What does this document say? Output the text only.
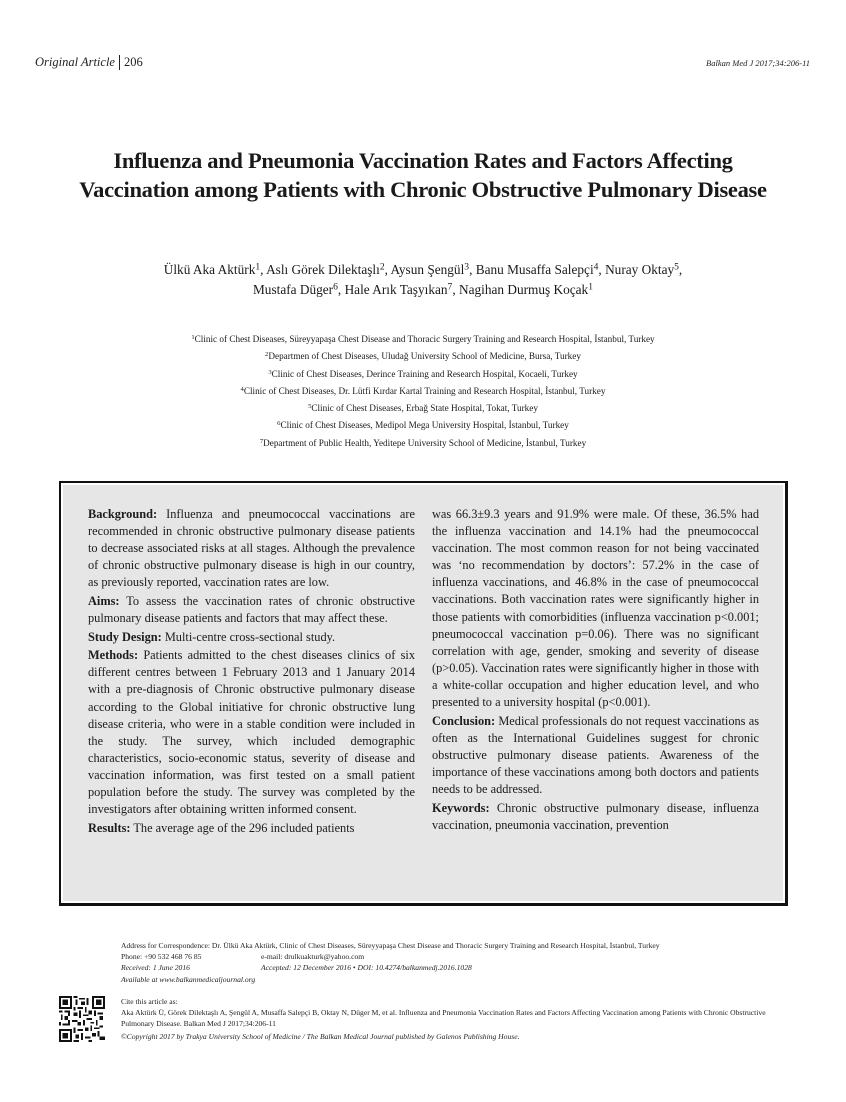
Original Article 206	Balkan Med J 2017;34:206-11
Influenza and Pneumonia Vaccination Rates and Factors Affecting Vaccination among Patients with Chronic Obstructive Pulmonary Disease
Ülkü Aka Aktürk$^1$, Aslı Görek Dilektaşlı$^2$, Aysun Şengül$^3$, Banu Musaffa Salepçi$^4$, Nuray Oktay$^5$,
Mustafa Düger$^6$, Hale Arık Taşyıkan$^7$, Nagihan Durmuş Koçak$^1$
$^1$Clinic of Chest Diseases, Süreyyapaşa Chest Disease and Thoracic Surgery Training and Research Hospital, İstanbul, Turkey
$^2$Departmen of Chest Diseases, Uludağ University School of Medicine, Bursa, Turkey
$^3$Clinic of Chest Diseases, Derince Training and Research Hospital, Kocaeli, Turkey
$^4$Clinic of Chest Diseases, Dr. Lütfi Kırdar Kartal Training and Research Hospital, İstanbul, Turkey
$^5$Clinic of Chest Diseases, Erbağ State Hospital, Tokat, Turkey
$^6$Clinic of Chest Diseases, Medipol Mega University Hospital, İstanbul, Turkey
$^7$Department of Public Health, Yeditepe University School of Medicine, İstanbul, Turkey

Background: Influenza and pneumococcal vaccinations are recommended in chronic obstructive pulmonary disease patients to decrease associated risks at all stages. Although the prevalence of chronic obstructive pulmonary disease is high in our country, as previously reported, vaccination rates are low.

Aims: To assess the vaccination rates of chronic obstructive pulmonary disease patients and factors that may affect these.

Study Design: Multi-centre cross-sectional study.

Methods: Patients admitted to the chest diseases clinics of six different centres between 1 February 2013 and 1 January 2014 with a pre-diagnosis of Chronic obstructive pulmonary disease according to the Global initiative for chronic obstructive lung disease criteria, who were in a stable condition were included in the study. The survey, which included demographic characteristics, socio-economic status, severity of disease and vaccination information, was first tested on a small patient population before the study. The survey was completed by the investigators after obtaining written informed consent.

Results: The average age of the 296 included patients

was 66.3±9.3 years and 91.9% were male. Of these, 36.5% had the influenza vaccination and 14.1% had the pneumococcal vaccination. The most common reason for not being vaccinated was ‘no recommendation by doctors’: 57.2% in the case of influenza vaccinations, and 46.8% in the case of pneumococcal vaccinations. Both vaccination rates were significantly higher in those patients with comorbidities (influenza vaccination p<0.001; pneumococcal vaccination p=0.06). There was no significant correlation with age, gender, smoking and severity of disease (p>0.05). Vaccination rates were significantly higher in those with a white-collar occupation and higher education level, and who presented to a university hospital (p<0.001).

Conclusion: Medical professionals do not request vaccinations as often as the International Guidelines suggest for chronic obstructive pulmonary disease patients. Awareness of the importance of these vaccinations among both doctors and patients needs to be addressed.

Keywords: Chronic obstructive pulmonary disease, influenza vaccination, pneumonia vaccination, prevention

Address for Correspondence: Dr. Ülkü Aka Aktürk, Clinic of Chest Diseases, Süreyyapaşa Chest Disease and Thoracic Surgery Training and Research Hospital, İstanbul, Turkey
Phone: +90 532 468 76 85	e-mail: drulkuakturk@yahoo.com
Received: 1 June 2016	Accepted: 12 December 2016 • DOI: 10.4274/balkanmedj.2016.1028
Available at www.balkanmedicaljournal.org
Cite this article as:
Aka Aktürk Ü, Görek Dilektaşlı A, Şengül A, Musaffa Salepçi B, Oktay N, Düger M, et al. Influenza and Pneumonia Vaccination Rates and Factors Affecting Vaccination among Patients with Chronic Obstructive Pulmonary Disease. Balkan Med J 2017;34:206-11
©Copyright 2017 by Trakya University School of Medicine / The Balkan Medical Journal published by Galenos Publishing House.
